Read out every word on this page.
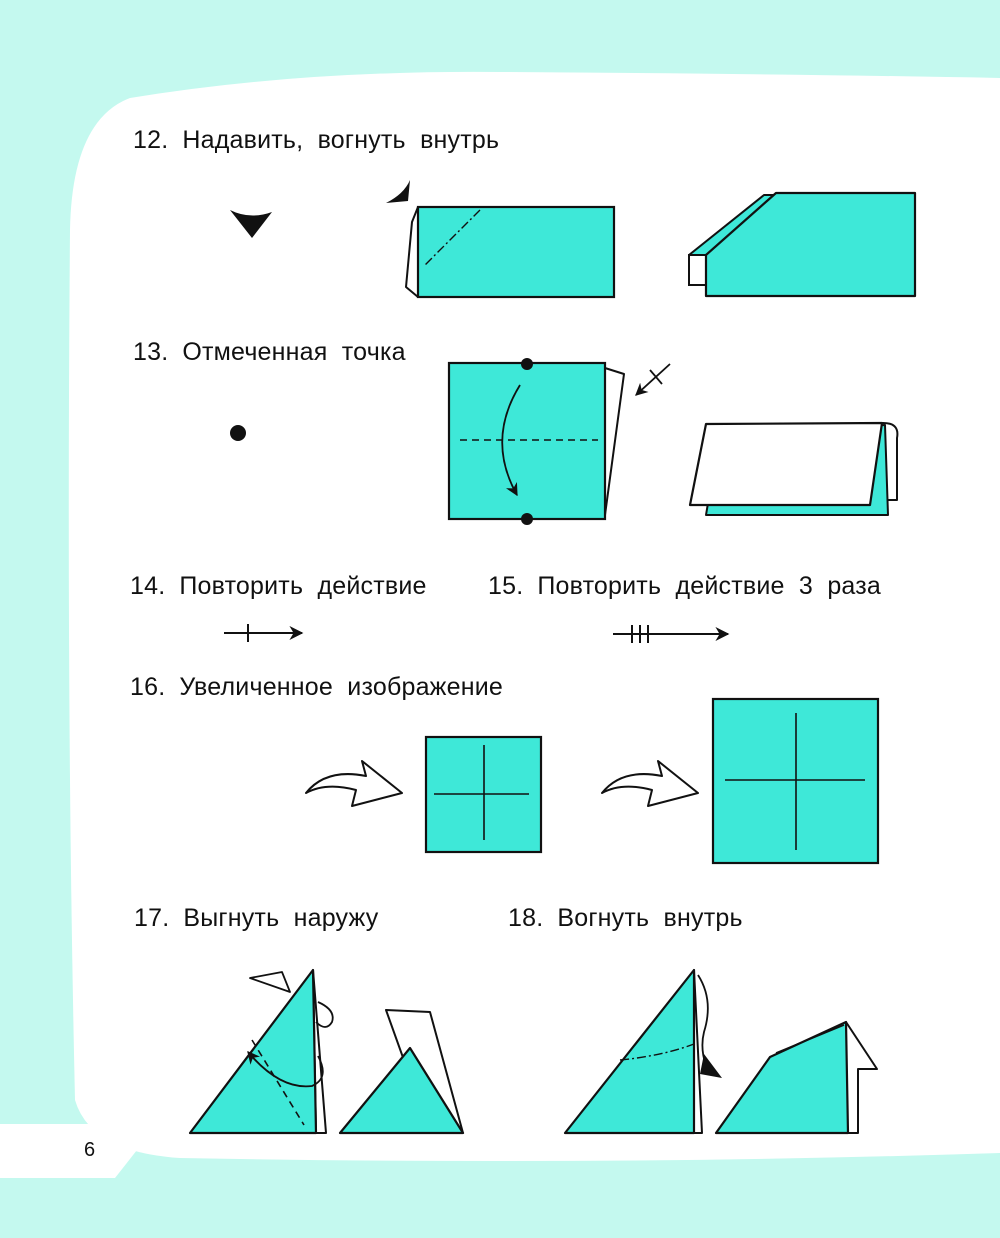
6
12. Надавить,  вогнуть  внутрь
13. Отмеченная  точка
14. Повторить  действие 15. Повторить  действие  3  раза
16. Увеличенное  изображение
17. Выгнуть  наружу	18. Вогнуть  внутрь
